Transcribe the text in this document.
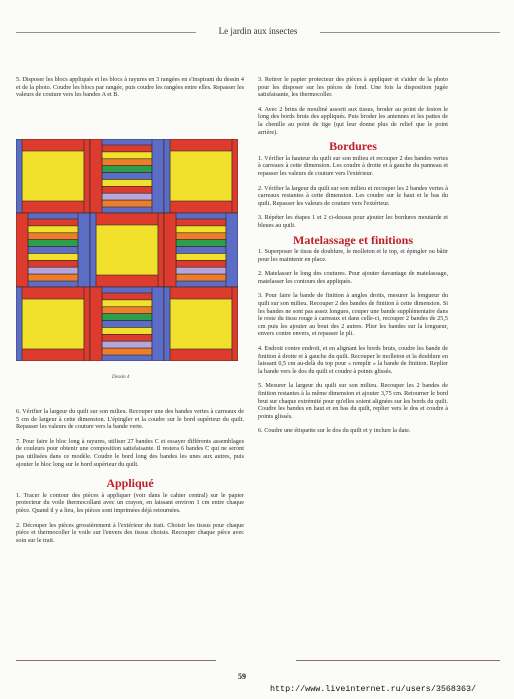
Le jardin aux insectes

5. Disposer les blocs appliqués et les blocs à rayures en 3 rangées en s'inspirant du dessin 4 et de la photo. Coudre les blocs par rangée, puis coudre les rangées entre elles. Repasser les valeurs de couture vers les bandes A et B.

Dessin 4

6. Vérifier la largeur du quilt sur son milieu. Recouper une des bandes vertes à carreaux de 5 cm de largeur à cette dimension. L'épingler et la coudre sur le bord supérieur du quilt. Repasser les valeurs de couture vers la bande verte.

7. Pour faire le bloc long à rayures, utiliser 27 bandes C et essayer différents assemblages de couleurs pour obtenir une composition satisfaisante. Il restera 6 bandes C qui ne seront pas utilisées dans ce modèle. Coudre le bord long des bandes les unes aux autres, puis ajouter le bloc long sur le bord supérieur du quilt.

Appliqué

1. Tracer le contour des pièces à appliquer (voir dans le cahier central) sur le papier protecteur du voile thermocollant avec un crayon, en laissant environ 1 cm entre chaque pièce. Quand il y a lieu, les pièces sont imprimées déjà retournées.

2. Découper les pièces grossièrement à l'extérieur du trait. Choisir les tissus pour chaque pièce et thermocoller le voile sur l'envers des tissus choisis. Recouper chaque pièce avec soin sur le trait.

3. Retirer le papier protecteur des pièces à appliquer et s'aider de la photo pour les disposer sur les pièces de fond. Une fois la disposition jugée satisfaisante, les thermocoller.

4. Avec 2 brins de mouliné assorti aux tissus, broder au point de feston le long des bords bruts des appliqués. Puis broder les antennes et les pattes de la chenille au point de tige (qui leur donne plus de relief que le point arrière).

Bordures

1. Vérifier la hauteur du quilt sur son milieu et recouper 2 des bandes vertes à carreaux à cette dimension. Les coudre à droite et à gauche du panneau et repasser les valeurs de couture vers l'extérieur.

2. Vérifier la largeur du quilt sur son milieu et recouper les 2 bandes vertes à carreaux restantes à cette dimension. Les coudre sur le haut et le bas du quilt. Repasser les valeurs de couture vers l'extérieur.

3. Répéter les étapes 1 et 2 ci-dessus pour ajouter les bordures moutarde et bleues au quilt.

Matelassage et finitions

1. Superposer le tissu de doublure, le molleton et le top, et épingler ou bâtir pour les maintenir en place.

2. Matelasser le long des coutures. Pour ajouter davantage de matelassage, matelasser les contours des appliqués.

3. Pour faire la bande de finition à angles droits, mesurer la longueur du quilt sur son milieu. Recouper 2 des bandes de finition à cette dimension. Si les bandes ne sont pas assez longues, couper une bande supplémentaire dans le reste du tissu rouge à carreaux et dans celle-ci, recouper 2 bandes de 25,5 cm puis les ajouter au bout des 2 autres. Plier les bandes sur la longueur, envers contre envers, et repasser le pli.

4. Endroit contre endroit, et en alignant les bords bruts, coudre les bande de finition à droite et à gauche du quilt. Recouper le molleton et la doublure en laissant 0,5 cm au-delà du top pour « remplir » la bande de finition. Replier la bande vers le dos du quilt et coudre à points glissés.

5. Mesurer la largeur du quilt sur son milieu. Recouper les 2 bandes de finition restantes à la même dimension et ajouter 3,75 cm. Retourner le bord brut sur chaque extrémité pour qu'elles soient alignées sur les bords du quilt. Coudre les bandes en haut et en bas du quilt, replier vers le dos et coudre à points glissés.

6. Coudre une étiquette sur le dos du quilt et y inclure la date.

59
http://www.liveinternet.ru/users/3568363/
